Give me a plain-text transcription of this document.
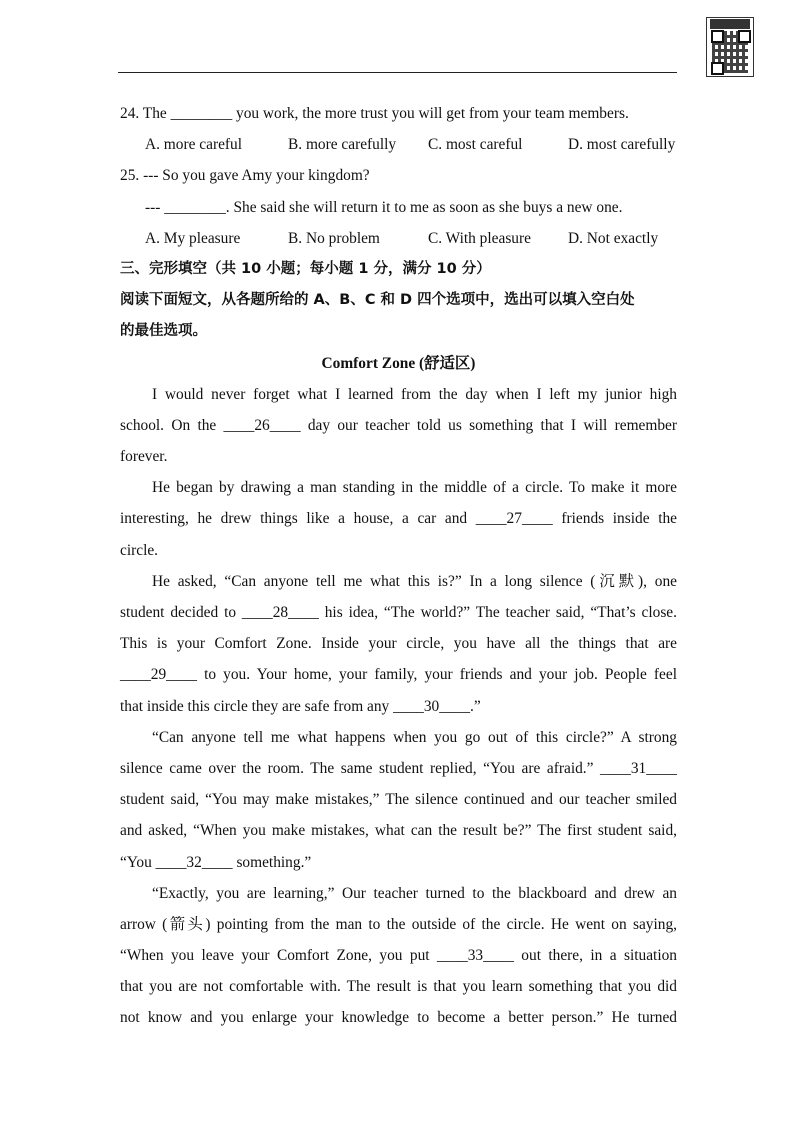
24. The ________ you work, the more trust you will get from your team members.
A. more careful	B. more carefully C. most careful	D. most carefully
25. --- So you gave Amy your kingdom?
--- ________. She said she will return it to me as soon as she buys a new one.
A. My pleasure	B. No problem	C. With pleasure D. Not exactly
三、完形填空（共 10 小题；每小题 1 分，满分 10 分）
阅读下面短文，从各题所给的 A、B、C 和 D 四个选项中，选出可以填入空白处
的最佳选项。
Comfort Zone (舒适区)
I would never forget what I learned from the day when I left my junior high
school. On the ____26____ day our teacher told us something that I will remember
forever.
He began by drawing a man standing in the middle of a circle. To make it more
interesting, he drew things like a house, a car and ____27____ friends inside the
circle.
He asked, “Can anyone tell me what this is?” In a long silence (沉默), one
student decided to ____28____ his idea, “The world?” The teacher said, “That’s close.
This is your Comfort Zone. Inside your circle, you have all the things that are
____29____ to you. Your home, your family, your friends and your job. People feel
that inside this circle they are safe from any ____30____.”
“Can anyone tell me what happens when you go out of this circle?” A strong
silence came over the room. The same student replied, “You are afraid.” ____31____
student said, “You may make mistakes,” The silence continued and our teacher smiled
and asked, “When you make mistakes, what can the result be?” The first student said,
“You ____32____ something.”
“Exactly, you are learning,” Our teacher turned to the blackboard and drew an
arrow (箭头) pointing from the man to the outside of the circle. He went on saying,
“When you leave your Comfort Zone, you put ____33____ out there, in a situation
that you are not comfortable with. The result is that you learn something that you did
not know and you enlarge your knowledge to become a better person.” He turned
